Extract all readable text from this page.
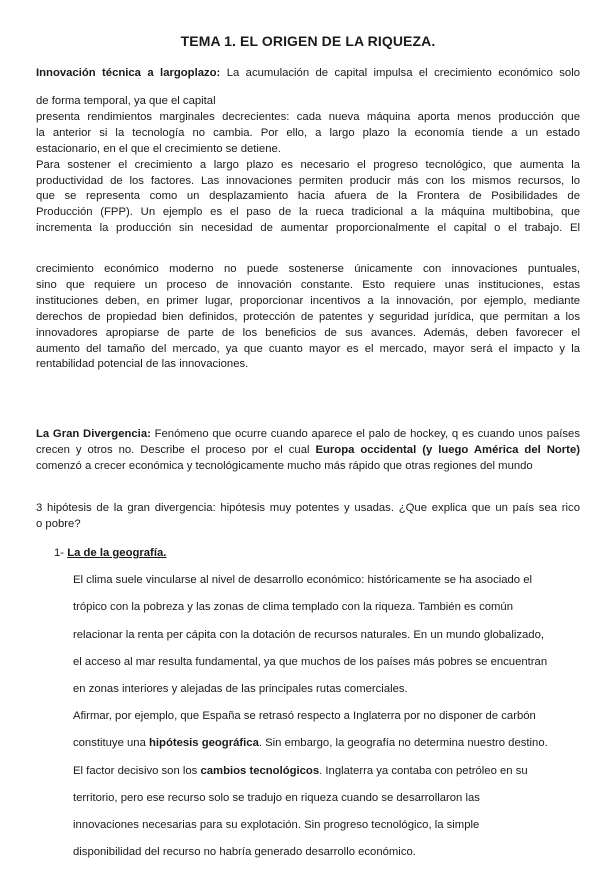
TEMA 1. EL ORIGEN DE LA RIQUEZA.

Innovación técnica a largoplazo: La acumulación de capital impulsa el crecimiento económico solo

de forma temporal, ya que el capital

presenta rendimientos marginales decrecientes: cada nueva máquina aporta menos producción que

la anterior si la tecnología no cambia. Por ello, a largo plazo la economía tiende a un estado

estacionario, en el que el crecimiento se detiene.

Para sostener el crecimiento a largo plazo es necesario el progreso tecnológico, que aumenta la

productividad de los factores. Las innovaciones permiten producir más con los mismos recursos, lo

que se representa como un desplazamiento hacia afuera de la Frontera de Posibilidades de

Producción (FPP). Un ejemplo es el paso de la rueca tradicional a la máquina multibobina, que

incrementa la producción sin necesidad de aumentar proporcionalmente el capital o el trabajo. El

crecimiento económico moderno no puede sostenerse únicamente con innovaciones puntuales,

sino que requiere un proceso de innovación constante. Esto requiere unas instituciones, estas

instituciones deben, en primer lugar, proporcionar incentivos a la innovación, por ejemplo, mediante

derechos de propiedad bien definidos, protección de patentes y seguridad jurídica, que permitan a los

innovadores apropiarse de parte de los beneficios de sus avances. Además, deben favorecer el

aumento del tamaño del mercado, ya que cuanto mayor es el mercado, mayor será el impacto y la

rentabilidad potencial de las innovaciones.

La Gran Divergencia: Fenómeno que ocurre cuando aparece el palo de hockey, q es cuando unos países crecen y otros no. Describe el proceso por el cual Europa occidental (y luego América del Norte) comenzó a crecer económica y tecnológicamente mucho más rápido que otras regiones del mundo

3 hipótesis de la gran divergencia: hipótesis muy potentes y usadas. ¿Que explica que un país sea rico

o pobre?

1- La de la geografía.

El clima suele vincularse al nivel de desarrollo económico: históricamente se ha asociado el

trópico con la pobreza y las zonas de clima templado con la riqueza. También es común

relacionar la renta per cápita con la dotación de recursos naturales. En un mundo globalizado,

el acceso al mar resulta fundamental, ya que muchos de los países más pobres se encuentran

en zonas interiores y alejadas de las principales rutas comerciales.

Afirmar, por ejemplo, que España se retrasó respecto a Inglaterra por no disponer de carbón

constituye una hipótesis geográfica. Sin embargo, la geografía no determina nuestro destino.

El factor decisivo son los cambios tecnológicos. Inglaterra ya contaba con petróleo en su

territorio, pero ese recurso solo se tradujo en riqueza cuando se desarrollaron las

innovaciones necesarias para su explotación. Sin progreso tecnológico, la simple

disponibilidad del recurso no habría generado desarrollo económico.
